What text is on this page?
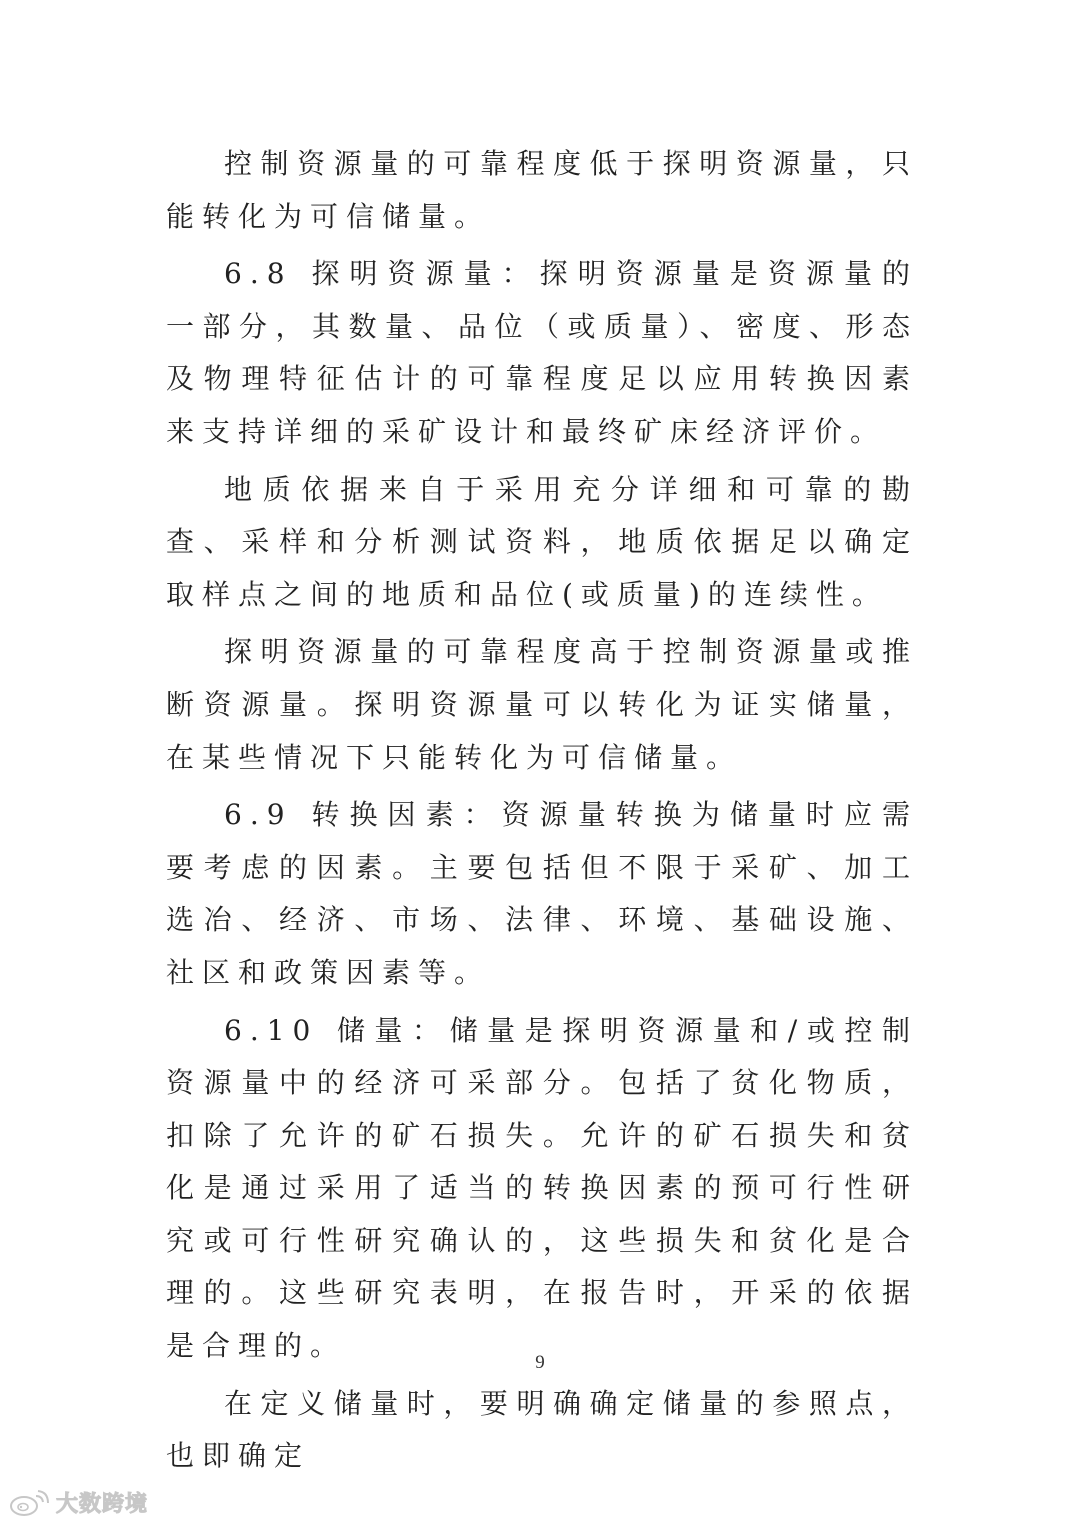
控制资源量的可靠程度低于探明资源量，只能转化为可信储量。

6.8 探明资源量：探明资源量是资源量的一部分，其数量、品位（或质量）、密度、形态及物理特征估计的可靠程度足以应用转换因素来支持详细的采矿设计和最终矿床经济评价。

地质依据来自于采用充分详细和可靠的勘查、采样和分析测试资料，地质依据足以确定取样点之间的地质和品位(或质量)的连续性。

探明资源量的可靠程度高于控制资源量或推断资源量。探明资源量可以转化为证实储量，在某些情况下只能转化为可信储量。

6.9 转换因素：资源量转换为储量时应需要考虑的因素。主要包括但不限于采矿、加工选冶、经济、市场、法律、环境、基础设施、社区和政策因素等。

6.10 储量：储量是探明资源量和/或控制资源量中的经济可采部分。包括了贫化物质，扣除了允许的矿石损失。允许的矿石损失和贫化是通过采用了适当的转换因素的预可行性研究或可行性研究确认的，这些损失和贫化是合理的。这些研究表明，在报告时，开采的依据是合理的。

在定义储量时，要明确确定储量的参照点，也即确定

9
大数跨境
